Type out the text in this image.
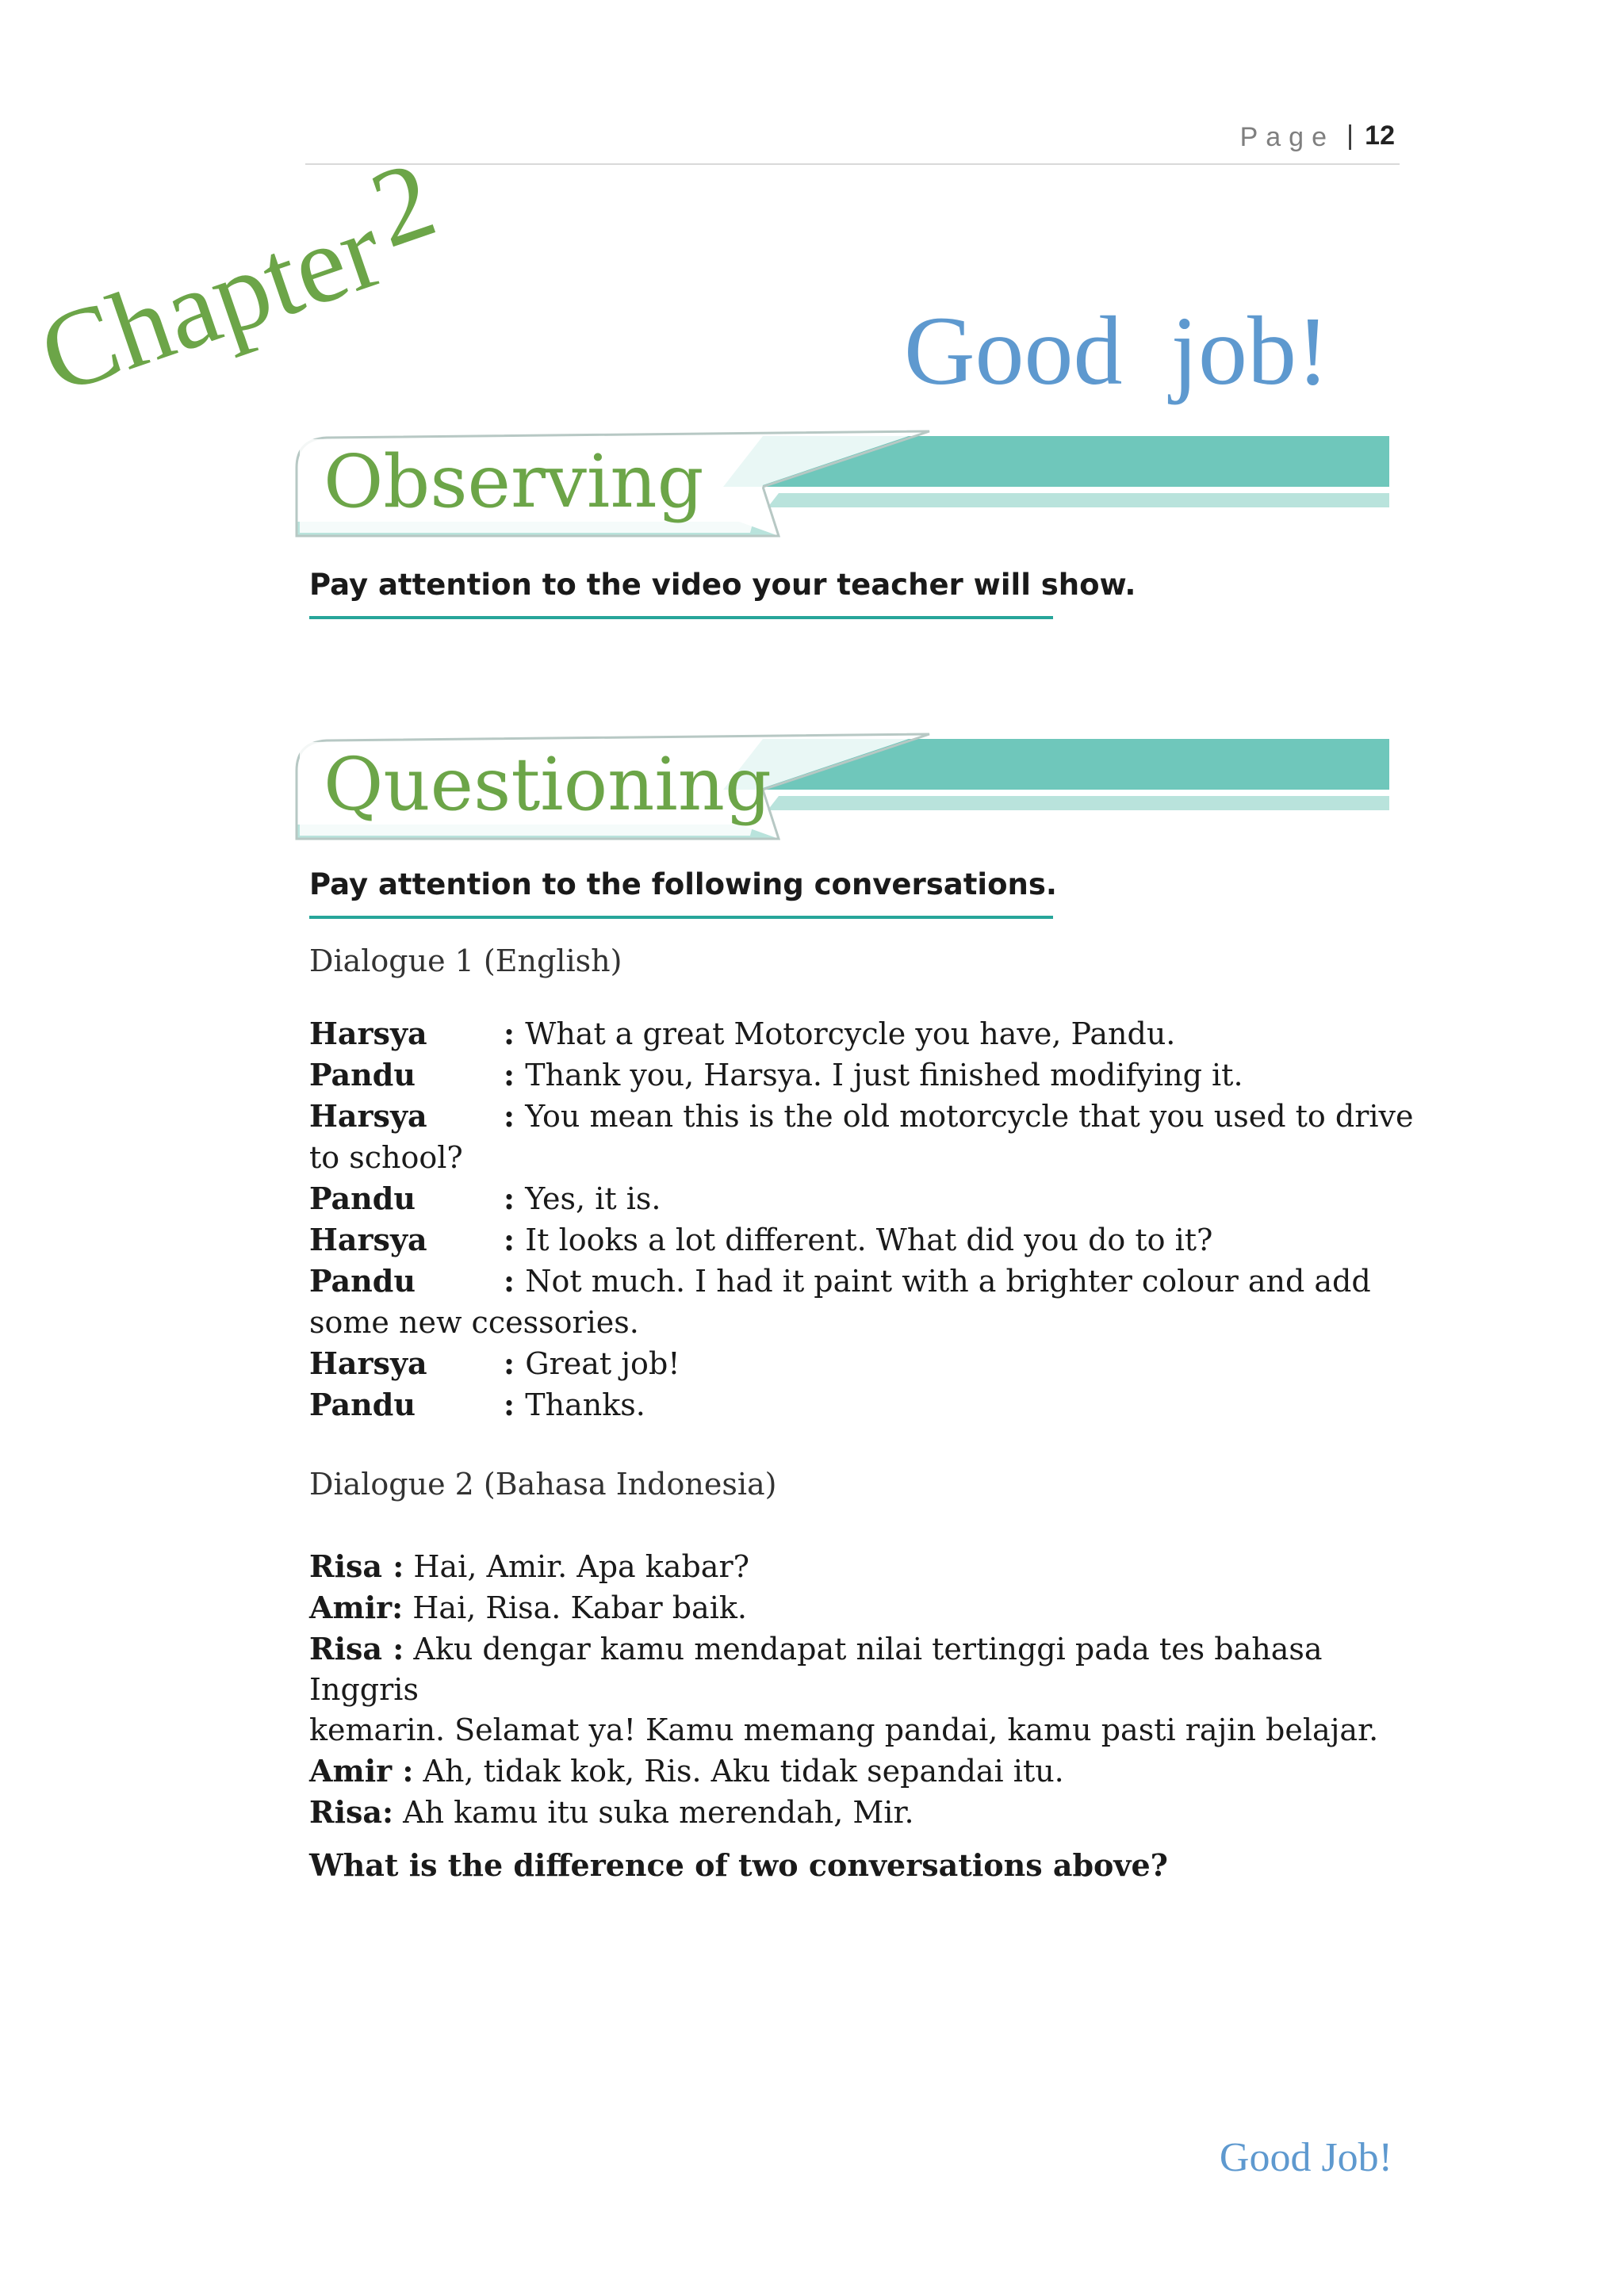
Page | 12
Chapter2
Good job!
Observing
Pay attention to the video your teacher will show.
Questioning
Pay attention to the following conversations.
Dialogue 1 (English)
Harsya	: What a great Motorcycle you have, Pandu.
Pandu	: Thank you, Harsya. I just finished modifying it.
Harsya	: You mean this is the old motorcycle that you used to drive
to school?
Pandu	: Yes, it is.
Harsya	: It looks a lot different. What did you do to it?
Pandu	: Not much. I had it paint with a brighter colour and add
some new ccessories.
Harsya	: Great job!
Pandu	: Thanks.
Dialogue 2 (Bahasa Indonesia)
Risa : Hai, Amir. Apa kabar?
Amir: Hai, Risa. Kabar baik.
Risa : Aku dengar kamu mendapat nilai tertinggi pada tes bahasa Inggris
kemarin. Selamat ya! Kamu memang pandai, kamu pasti rajin belajar.
Amir : Ah, tidak kok, Ris. Aku tidak sepandai itu.
Risa: Ah kamu itu suka merendah, Mir.
What is the difference of two conversations above?
Good Job!
